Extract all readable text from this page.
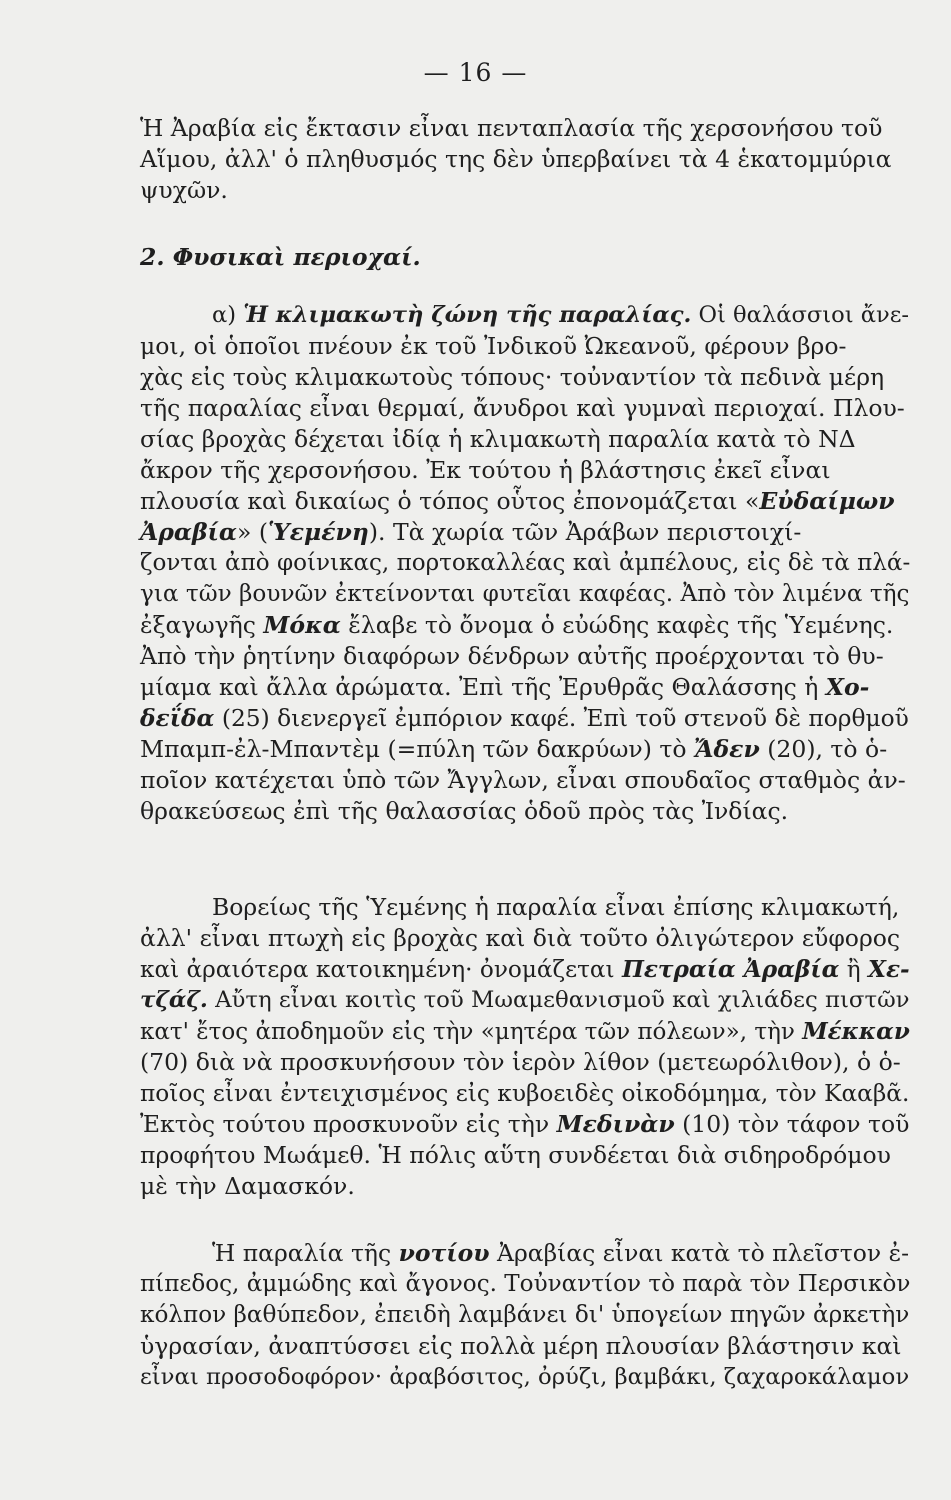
— 16 —
Ἡ Ἀραβία εἰς ἔκτασιν εἶναι πενταπλασία τῆς χερσονήσου τοῦ
Αἵμου, ἀλλ' ὁ πληθυσμός της δὲν ὑπερβαίνει τὰ 4 ἑκατομμύρια
ψυχῶν.
2. Φυσικαὶ περιοχαί.
α) Ἡ κλιμακωτὴ ζώνη τῆς παραλίας. Οἱ θαλάσσιοι ἄνε-
μοι, οἱ ὁποῖοι πνέουν ἐκ τοῦ Ἰνδικοῦ Ὠκεανοῦ, φέρουν βρο-
χὰς εἰς τοὺς κλιμακωτοὺς τόπους· τοὐναντίον τὰ πεδινὰ μέρη
τῆς παραλίας εἶναι θερμαί, ἄνυδροι καὶ γυμναὶ περιοχαί. Πλου-
σίας βροχὰς δέχεται ἰδίᾳ ἡ κλιμακωτὴ παραλία κατὰ τὸ ΝΔ
ἄκρον τῆς χερσονήσου. Ἐκ τούτου ἡ βλάστησις ἐκεῖ εἶναι
πλουσία καὶ δικαίως ὁ τόπος οὗτος ἐπονομάζεται «Εὐδαίμων
Ἀραβία» (Ὑεμένη). Τὰ χωρία τῶν Ἀράβων περιστοιχί-
ζονται ἀπὸ φοίνικας, πορτοκαλλέας καὶ ἀμπέλους, εἰς δὲ τὰ πλά-
για τῶν βουνῶν ἐκτείνονται φυτεῖαι καφέας. Ἀπὸ τὸν λιμένα τῆς
ἐξαγωγῆς Μόκα ἔλαβε τὸ ὄνομα ὁ εὐώδης καφὲς τῆς Ὑεμένης.
Ἀπὸ τὴν ῥητίνην διαφόρων δένδρων αὐτῆς προέρχονται τὸ θυ-
μίαμα καὶ ἄλλα ἀρώματα. Ἐπὶ τῆς Ἐρυθρᾶς Θαλάσσης ἡ Χο-
δεΐδα (25) διενεργεῖ ἐμπόριον καφέ. Ἐπὶ τοῦ στενοῦ δὲ πορθμοῦ
Μπαμπ-ἐλ-Μπαντὲμ (=πύλη τῶν δακρύων) τὸ Ἄδεν (20), τὸ ὁ-
ποῖον κατέχεται ὑπὸ τῶν Ἄγγλων, εἶναι σπουδαῖος σταθμὸς ἀν-
θρακεύσεως ἐπὶ τῆς θαλασσίας ὁδοῦ πρὸς τὰς Ἰνδίας.
Βορείως τῆς Ὑεμένης ἡ παραλία εἶναι ἐπίσης κλιμακωτή,
ἀλλ' εἶναι πτωχὴ εἰς βροχὰς καὶ διὰ τοῦτο ὀλιγώτερον εὔφορος
καὶ ἀραιότερα κατοικημένη· ὀνομάζεται Πετραία Ἀραβία ἢ Χε-
τζάζ. Αὔτη εἶναι κοιτὶς τοῦ Μωαμεθανισμοῦ καὶ χιλιάδες πιστῶν
κατ' ἔτος ἀποδημοῦν εἰς τὴν «μητέρα τῶν πόλεων», τὴν Μέκκαν
(70) διὰ νὰ προσκυνήσουν τὸν ἱερὸν λίθον (μετεωρόλιθον), ὁ ὁ-
ποῖος εἶναι ἐντειχισμένος εἰς κυβοειδὲς οἰκοδόμημα, τὸν Κααβᾶ.
Ἐκτὸς τούτου προσκυνοῦν εἰς τὴν Μεδινὰν (10) τὸν τάφον τοῦ
προφήτου Μωάμεθ. Ἡ πόλις αὕτη συνδέεται διὰ σιδηροδρόμου
μὲ τὴν Δαμασκόν.
Ἡ παραλία τῆς νοτίου Ἀραβίας εἶναι κατὰ τὸ πλεῖστον ἐ-
πίπεδος, ἀμμώδης καὶ ἄγονος. Τοὐναντίον τὸ παρὰ τὸν Περσικὸν
κόλπον βαθύπεδον, ἐπειδὴ λαμβάνει δι' ὑπογείων πηγῶν ἀρκετὴν
ὑγρασίαν, ἀναπτύσσει εἰς πολλὰ μέρη πλουσίαν βλάστησιν καὶ
εἶναι προσοδοφόρον· ἀραβόσιτος, ὀρύζι, βαμβάκι, ζαχαροκάλαμον
